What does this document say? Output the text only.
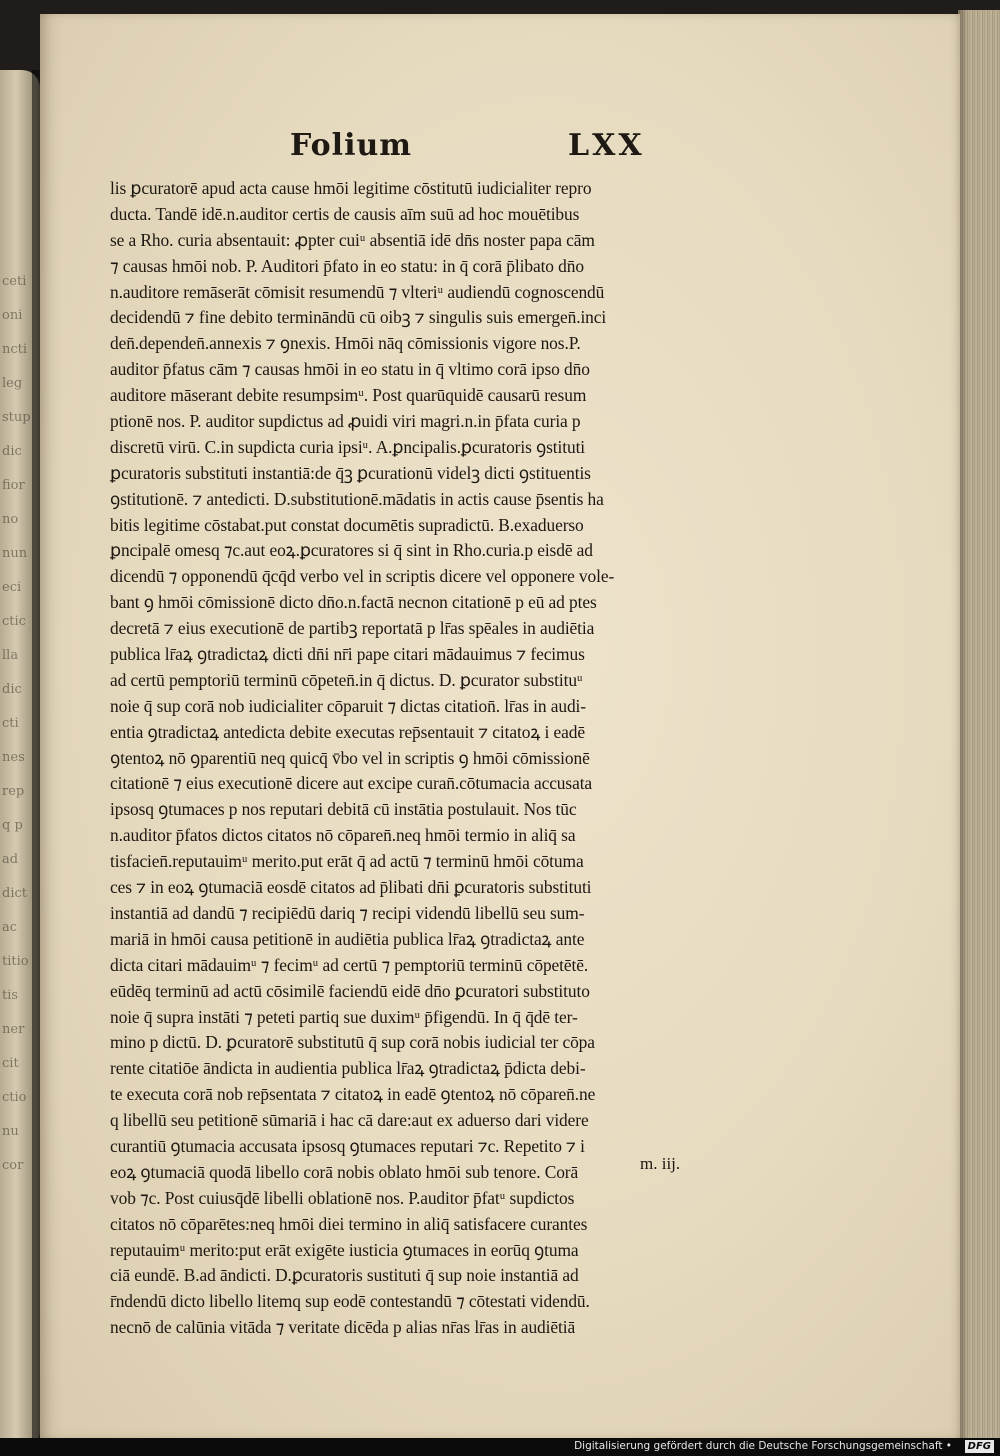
ceti
oni
ncti
leg
stup
dic
fior
no
nun
eci
ctic
lla
dic
cti
nes
rep
q p
ad
dict
ac
titio
tis
ner
cit
ctio
nu
cor
Folium	LXX
lis ꝑcuratorē apud acta cause hmōi legitime cōstitutū iudicialiter repro
ducta. Tandē idē.n.auditor certis de causis aīm suū ad hoc mouētibus
se a Rho. curia absentauit: ꝓpter cuiᵘ absentiā idē dn̄s noster papa cām
⁊ causas hmōi nob. P. Auditori p̄fato in eo statu: in q̄ corā p̄libato dn̄o
n.auditore remāserāt cōmisit resumendū ⁊ vlteriᵘ audiendū cognoscendū
decidendū ⁊ fine debito termināndū cū oibꝫ ⁊ singulis suis emergen̄.inci
den̄.dependen̄.annexis ⁊ ꝯnexis. Hmōi nāq cōmissionis vigore nos.P.
auditor p̄fatus cām ⁊ causas hmōi in eo statu in q̄ vltimo corā ipso dn̄o
auditore māserant debite resumpsimᵘ. Post quarūquidē causarū resum
ptionē nos. P. auditor supdictus ad ꝓuidi viri magri.n.in p̄fata curia p
discretū virū. C.in supdicta curia ipsiᵘ. A.ꝑncipalis.ꝑcuratoris ꝯstituti
ꝑcuratoris substituti instantiā:de q̄ꝫ ꝑcurationū videlꝫ dicti ꝯstituentis
ꝯstitutionē. ⁊ antedicti. D.substitutionē.mādatis in actis cause p̄sentis ha
bitis legitime cōstabat.put constat documētis supradictū. B.exaduerso
ꝑncipalē omesq ⁊c.aut eoꝝ.ꝑcuratores si q̄ sint in Rho.curia.p eisdē ad
dicendū ⁊ opponendū q̄cq̄d verbo vel in scriptis dicere vel opponere vole-
bant ꝯ hmōi cōmissionē dicto dn̄o.n.factā necnon citationē p eū ad ptes
decretā ⁊ eius executionē de partibꝫ reportatā p lr̄as spēales in audiētia
publica lr̄aꝝ ꝯtradictaꝝ dicti dn̄i nr̄i pape citari mādauimus ⁊ fecimus
ad certū pemptoriū terminū cōpeten̄.in q̄ dictus. D. ꝑcurator substituᵘ
noie q̄ sup corā nob iudicialiter cōparuit ⁊ dictas citation̄. lr̄as in audi-
entia ꝯtradictaꝝ antedicta debite executas rep̄sentauit ⁊ citatoꝝ i eadē
ꝯtentoꝝ nō ꝯparentiū neq quicq̄ v̄bo vel in scriptis ꝯ hmōi cōmissionē
citationē ⁊ eius executionē dicere aut excipe curan̄.cōtumacia accusata
ipsosq ꝯtumaces p nos reputari debitā cū instātia postulauit. Nos tūc
n.auditor p̄fatos dictos citatos nō cōparen̄.neq hmōi termio in aliq̄ sa
tisfacien̄.reputauimᵘ merito.put erāt q̄ ad actū ⁊ terminū hmōi cōtuma
ces ⁊ in eoꝝ ꝯtumaciā eosdē citatos ad p̄libati dn̄i ꝑcuratoris substituti
instantiā ad dandū ⁊ recipiēdū dariq ⁊ recipi videndū libellū seu sum-
mariā in hmōi causa petitionē in audiētia publica lr̄aꝝ ꝯtradictaꝝ ante
dicta citari mādauimᵘ ⁊ fecimᵘ ad certū ⁊ pemptoriū terminū cōpetētē.
eūdēq terminū ad actū cōsimilē faciendū eidē dn̄o ꝑcuratori substituto
noie q̄ supra instāti ⁊ peteti partiq sue duximᵘ p̄figendū. In q̄ q̄dē ter-
mino p dictū. D. ꝑcuratorē substitutū q̄ sup corā nobis iudicial ter cōpa
rente citatiōe āndicta in audientia publica lr̄aꝝ ꝯtradictaꝝ p̄dicta debi-
te executa corā nob rep̄sentata ⁊ citatoꝝ in eadē ꝯtentoꝝ nō cōparen̄.ne
q libellū seu petitionē sūmariā i hac cā dare:aut ex aduerso dari videre
curantiū ꝯtumacia accusata ipsosq ꝯtumaces reputari ⁊c. Repetito ⁊ i
eoꝝ ꝯtumaciā quodā libello corā nobis oblato hmōi sub tenore. Corā
vob ⁊c. Post cuiusq̄dē libelli oblationē nos. P.auditor p̄fatᵘ supdictos
citatos nō cōparētes:neq hmōi diei termino in aliq̄ satisfacere curantes
reputauimᵘ merito:put erāt exigēte iusticia ꝯtumaces in eorūq ꝯtuma
ciā eundē. B.ad āndicti. D.ꝑcuratoris sustituti q̄ sup noie instantiā ad
r̄ndendū dicto libello litemq sup eodē contestandū ⁊ cōtestati videndū.
necnō de calūnia vitāda ⁊ veritate dicēda p alias nr̄as lr̄as in audiētiā
m. iij.
Digitalisierung gefördert durch die Deutsche Forschungsgemeinschaft •	DFG
